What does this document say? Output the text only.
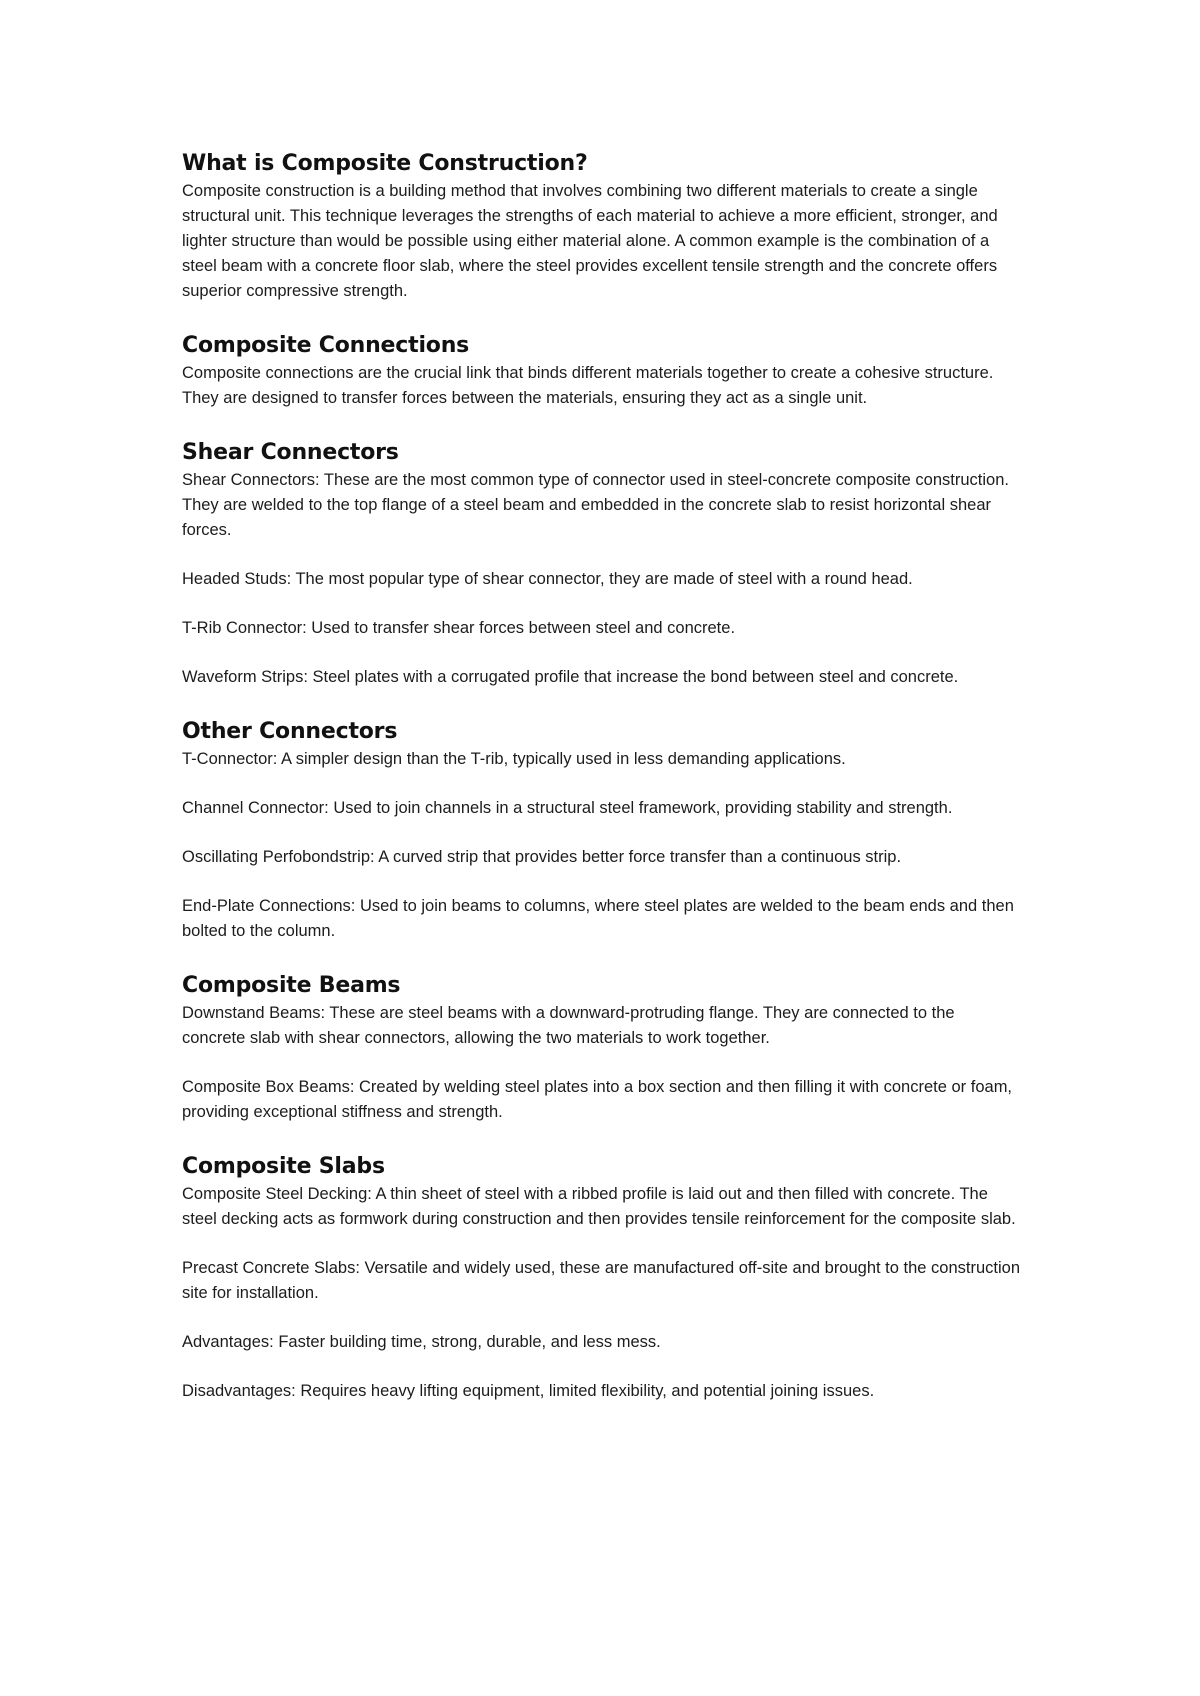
What is Composite Construction?

Composite construction is a building method that involves combining two different materials to create a single structural unit. This technique leverages the strengths of each material to achieve a more efficient, stronger, and lighter structure than would be possible using either material alone. A common example is the combination of a steel beam with a concrete floor slab, where the steel provides excellent tensile strength and the concrete offers superior compressive strength.

Composite Connections

Composite connections are the crucial link that binds different materials together to create a cohesive structure. They are designed to transfer forces between the materials, ensuring they act as a single unit.

Shear Connectors

Shear Connectors: These are the most common type of connector used in steel-concrete composite construction. They are welded to the top flange of a steel beam and embedded in the concrete slab to resist horizontal shear forces.

Headed Studs: The most popular type of shear connector, they are made of steel with a round head.

T-Rib Connector: Used to transfer shear forces between steel and concrete.

Waveform Strips: Steel plates with a corrugated profile that increase the bond between steel and concrete.

Other Connectors

T-Connector: A simpler design than the T-rib, typically used in less demanding applications.

Channel Connector: Used to join channels in a structural steel framework, providing stability and strength.

Oscillating Perfobondstrip: A curved strip that provides better force transfer than a continuous strip.

End-Plate Connections: Used to join beams to columns, where steel plates are welded to the beam ends and then bolted to the column.

Composite Beams

Downstand Beams: These are steel beams with a downward-protruding flange. They are connected to the concrete slab with shear connectors, allowing the two materials to work together.

Composite Box Beams: Created by welding steel plates into a box section and then filling it with concrete or foam, providing exceptional stiffness and strength.

Composite Slabs

Composite Steel Decking: A thin sheet of steel with a ribbed profile is laid out and then filled with concrete. The steel decking acts as formwork during construction and then provides tensile reinforcement for the composite slab.

Precast Concrete Slabs: Versatile and widely used, these are manufactured off-site and brought to the construction site for installation.

Advantages: Faster building time, strong, durable, and less mess.

Disadvantages: Requires heavy lifting equipment, limited flexibility, and potential joining issues.
